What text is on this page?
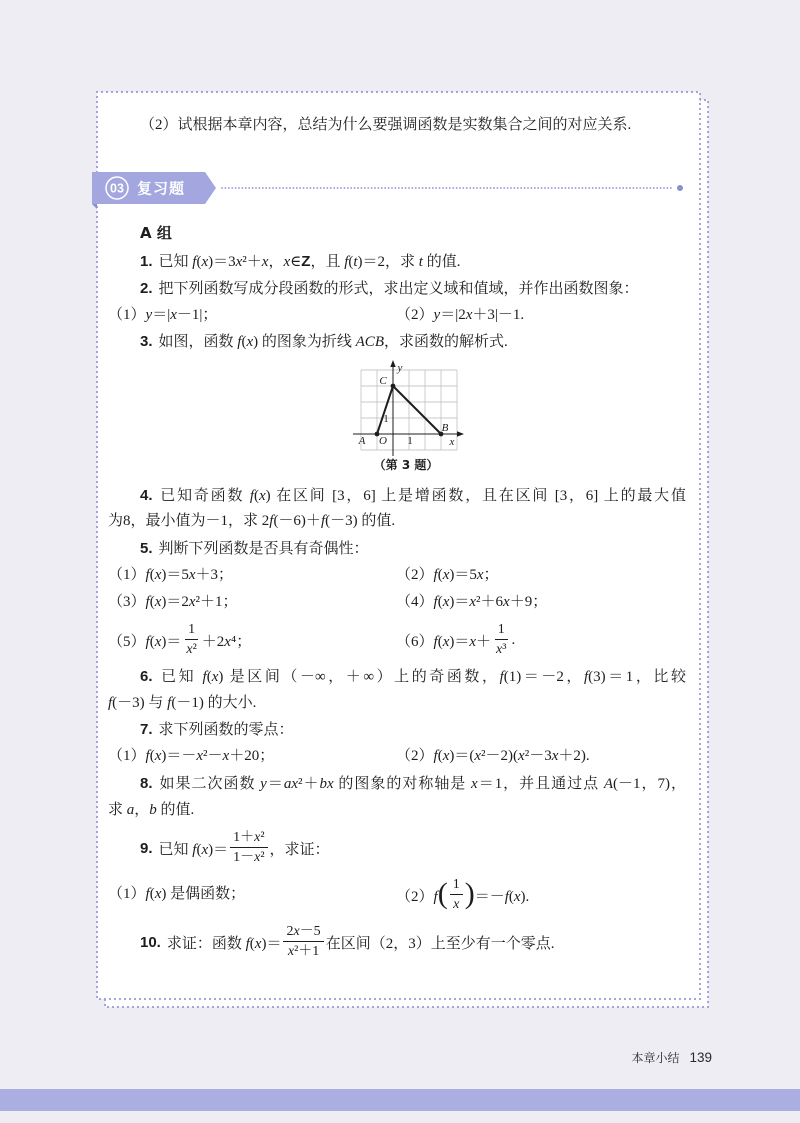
（2）试根据本章内容，总结为什么要强调函数是实数集合之间的对应关系.
03 复习题
A 组
1. 已知 f(x)＝3x²＋x，x∈Z，且 f(t)＝2，求 t 的值.
2. 把下列函数写成分段函数的形式，求出定义域和值域，并作出函数图象：
（1）y＝|x－1|；	（2）y＝|2x＋3|－1.
3. 如图，函数 f(x) 的图象为折线 ACB，求函数的解析式.
y
C
1
A O 1
B
x
（第 3 题）
4. 已知奇函数 f(x) 在区间 [3，6] 上是增函数，且在区间 [3，6] 上的最大值
为8，最小值为－1，求 2f(－6)＋f(－3) 的值.
5. 判断下列函数是否具有奇偶性：
（1）f(x)＝5x＋3；	（2）f(x)＝5x；
（3）f(x)＝2x²＋1；	（4）f(x)＝x²＋6x＋9；
$(5)f(x)= \frac{1}{\text{x²}} +2x^4$；	$(6)f(x)=x+ \frac{1}{\text{x³}}$ .
6. 已知 f(x) 是区间（－∞，＋∞）上的奇函数，f(1)＝－2，f(3)＝1，比较
f(－3) 与 f(－1) 的大小.
7. 求下列函数的零点：
（1）f(x)＝－x²－x＋20；	（2）f(x)＝(x²－2)(x²－3x＋2).
8. 如果二次函数 y＝ax²＋bx 的图象的对称轴是 x＝1，并且通过点 A(－1，7)，
求 a，b 的值.
9. 已知 $f(x)= \frac{\text{1＋x²}}{\text{1－x²}}$ ，求证：
（1）f(x) 是偶函数；	（2）f ( $\frac{1}{x}$ ) ＝－f(x).
10. 求证：函数 $f(x)= \frac{2x-5}{\text{x²＋1}}$ 在区间（2，3）上至少有一个零点.
本章小结 139
